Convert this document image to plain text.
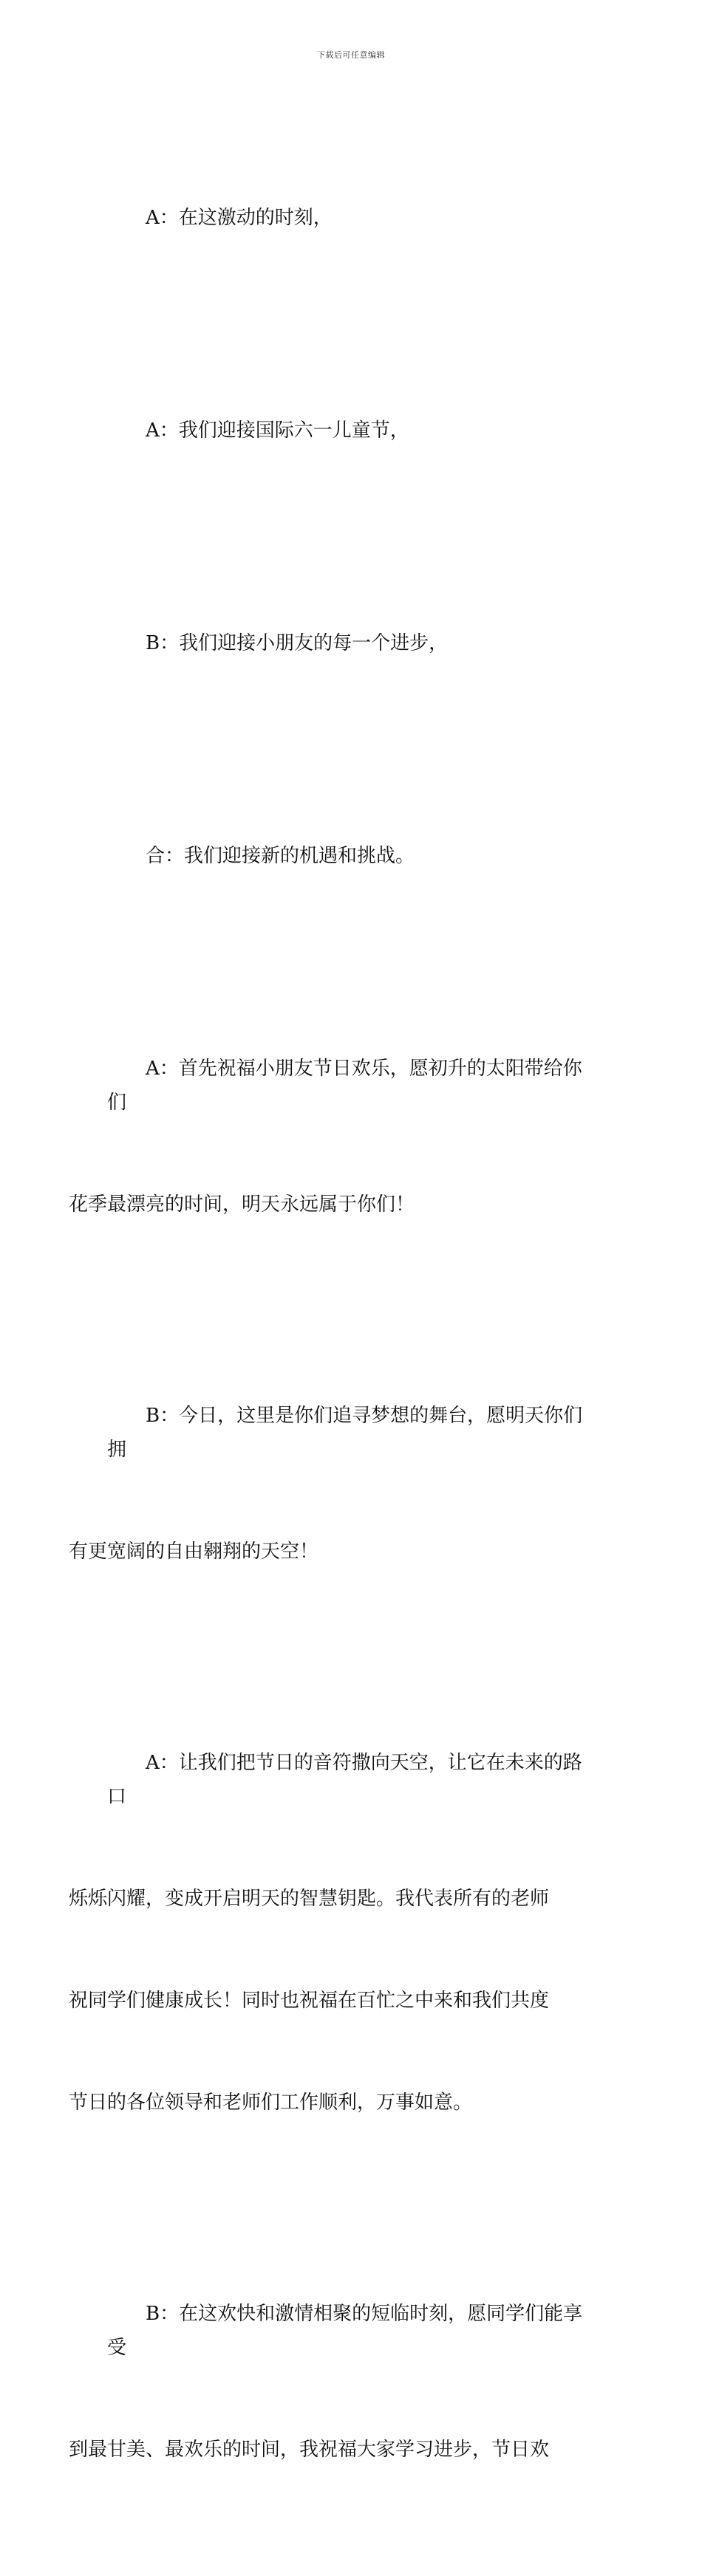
下载后可任意编辑

A：在这激动的时刻，

A：我们迎接国际六一儿童节，

B：我们迎接小朋友的每一个进步，

合：我们迎接新的机遇和挑战。

A：首先祝福小朋友节日欢乐，愿初升的太阳带给你们

花季最漂亮的时间，明天永远属于你们！

B：今日，这里是你们追寻梦想的舞台，愿明天你们拥

有更宽阔的自由翱翔的天空！

A：让我们把节日的音符撒向天空，让它在未来的路口

烁烁闪耀，变成开启明天的智慧钥匙。我代表所有的老师

祝同学们健康成长！同时也祝福在百忙之中来和我们共度

节日的各位领导和老师们工作顺利，万事如意。

B：在这欢快和激情相聚的短临时刻，愿同学们能享受

到最甘美、最欢乐的时间，我祝福大家学习进步，节日欢
